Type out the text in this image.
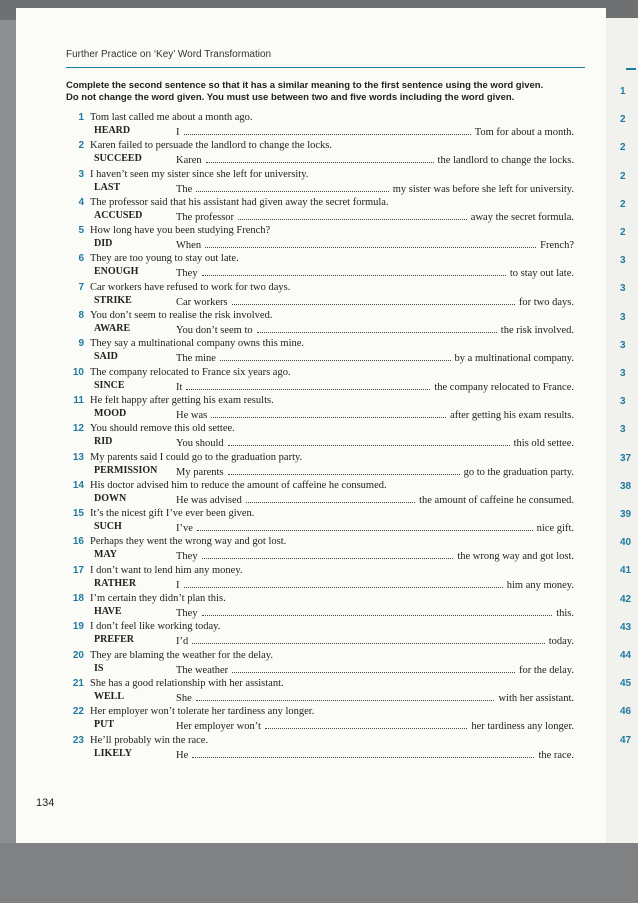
1
2
2
2
2
2
3
3
3
3
3
3
3
37
38
39
40
41
42
43
44
45
46
47
Further Practice on ‘Key’ Word Transformation
Complete the second sentence so that it has a similar meaning to the first sentence using the word given.
Do not change the word given. You must use between two and five words including the word given.
1 Tom last called me about a month ago.
HEARD	I	Tom for about a month.
2 Karen failed to persuade the landlord to change the locks.
SUCCEED	Karen	the landlord to change the locks.
3 I haven’t seen my sister since she left for university.
LAST	The	my sister was before she left for university.
4 The professor said that his assistant had given away the secret formula.
ACCUSED	The professor	away the secret formula.
5 How long have you been studying French?
DID	When	French?
6 They are too young to stay out late.
ENOUGH	They	to stay out late.
7 Car workers have refused to work for two days.
STRIKE	Car workers	for two days.
8 You don’t seem to realise the risk involved.
AWARE	You don’t seem to	the risk involved.
9 They say a multinational company owns this mine.
SAID	The mine	by a multinational company.
10 The company relocated to France six years ago.
SINCE	It	the company relocated to France.
11 He felt happy after getting his exam results.
MOOD	He was	after getting his exam results.
12 You should remove this old settee.
RID	You should	this old settee.
13 My parents said I could go to the graduation party.
PERMISSION My parents	go to the graduation party.
14 His doctor advised him to reduce the amount of caffeine he consumed.
DOWN	He was advised	the amount of caffeine he consumed.
15 It’s the nicest gift I’ve ever been given.
SUCH	I’ve	nice gift.
16 Perhaps they went the wrong way and got lost.
MAY	They	the wrong way and got lost.
17 I don’t want to lend him any money.
RATHER	I	him any money.
18 I’m certain they didn’t plan this.
HAVE	They	this.
19 I don’t feel like working today.
PREFER	I’d	today.
20 They are blaming the weather for the delay.
IS	The weather	for the delay.
21 She has a good relationship with her assistant.
WELL	She	with her assistant.
22 Her employer won’t tolerate her tardiness any longer.
PUT	Her employer won’t	her tardiness any longer.
23 He’ll probably win the race.
LIKELY	He	the race.
134
